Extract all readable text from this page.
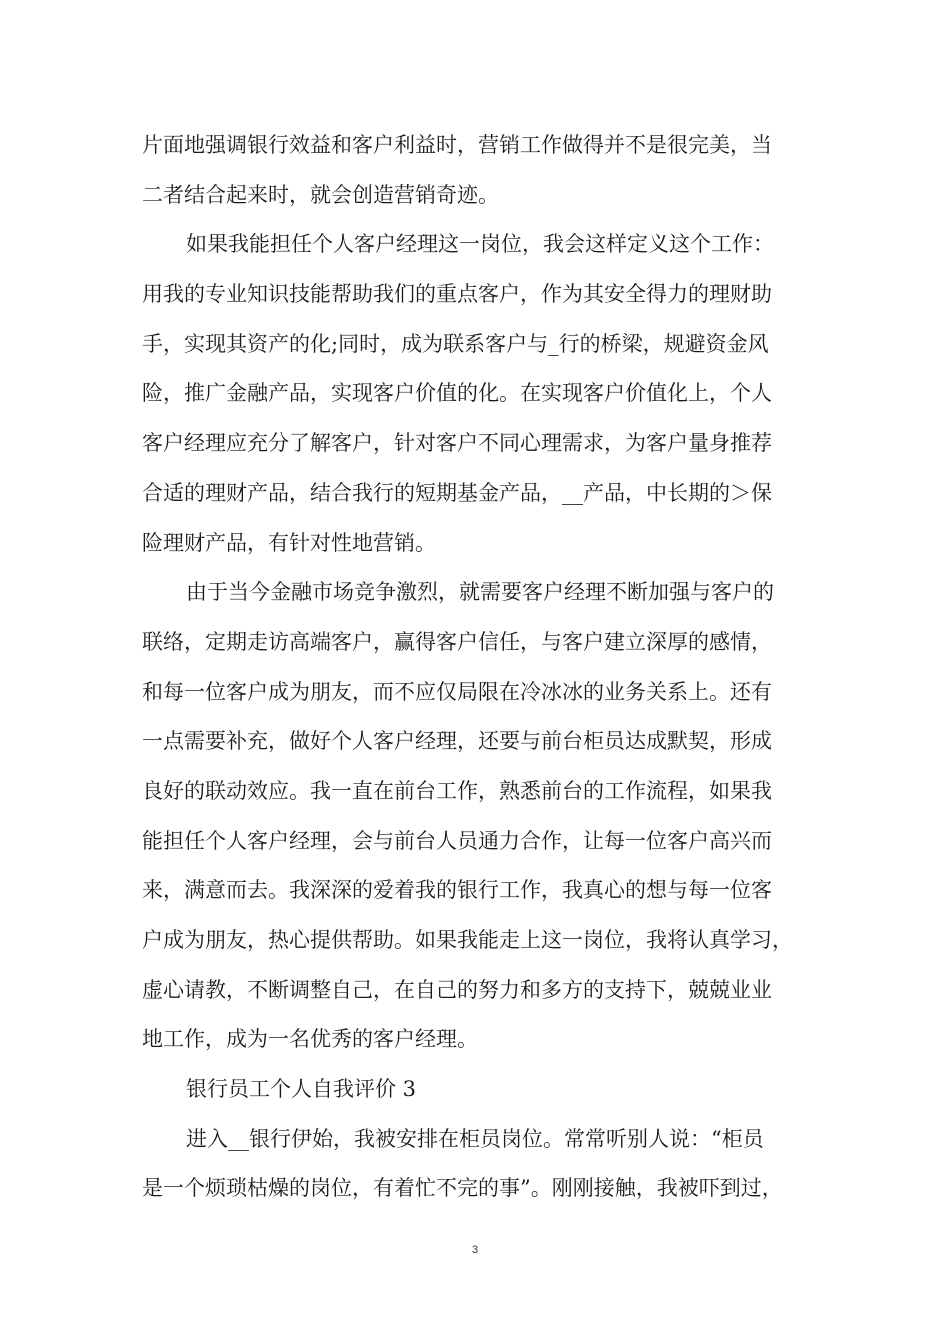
片面地强调银行效益和客户利益时，营销工作做得并不是很完美，当
二者结合起来时，就会创造营销奇迹。
如果我能担任个人客户经理这一岗位，我会这样定义这个工作：
用我的专业知识技能帮助我们的重点客户，作为其安全得力的理财助
手，实现其资产的化;同时，成为联系客户与_行的桥梁，规避资金风
险，推广金融产品，实现客户价值的化。在实现客户价值化上，个人
客户经理应充分了解客户，针对客户不同心理需求，为客户量身推荐
合适的理财产品，结合我行的短期基金产品，__产品，中长期的＞保
险理财产品，有针对性地营销。
由于当今金融市场竞争激烈，就需要客户经理不断加强与客户的
联络，定期走访高端客户，赢得客户信任，与客户建立深厚的感情，
和每一位客户成为朋友，而不应仅局限在冷冰冰的业务关系上。还有
一点需要补充，做好个人客户经理，还要与前台柜员达成默契，形成
良好的联动效应。我一直在前台工作，熟悉前台的工作流程，如果我
能担任个人客户经理，会与前台人员通力合作，让每一位客户高兴而
来，满意而去。我深深的爱着我的银行工作，我真心的想与每一位客
户成为朋友，热心提供帮助。如果我能走上这一岗位，我将认真学习，
虚心请教，不断调整自己，在自己的努力和多方的支持下，兢兢业业
地工作，成为一名优秀的客户经理。
银行员工个人自我评价 3
进入__银行伊始，我被安排在柜员岗位。常常听别人说：“柜员
是一个烦琐枯燥的岗位，有着忙不完的事”。刚刚接触，我被吓到过，
3
